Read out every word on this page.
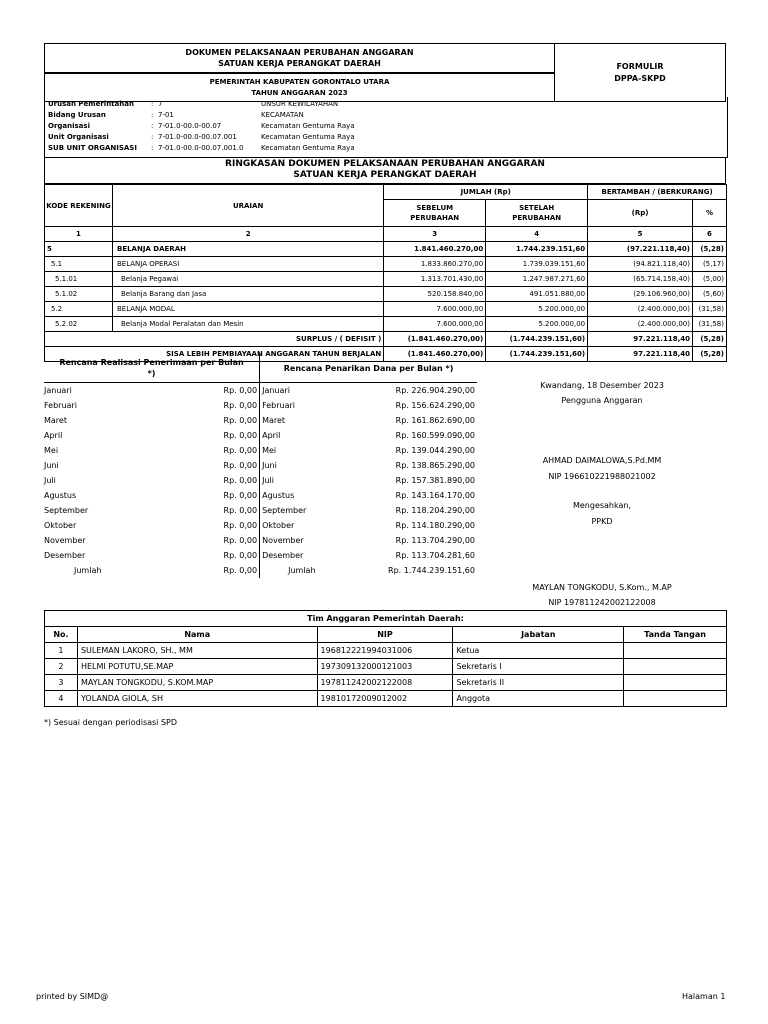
DOKUMEN PELAKSANAAN PERUBAHAN ANGGARAN
SATUAN KERJA PERANGKAT DAERAH
PEMERINTAH KABUPATEN GORONTALO UTARA
TAHUN ANGGARAN 2023

FORMULIR
DPPA-SKPD
Urusan Pemerintahan : 7	UNSUR KEWILAYAHAN
Bidang Urusan	: 7-01	KECAMATAN
Organisasi	: 7-01.0-00.0-00.07	Kecamatan Gentuma Raya
Unit Organisasi	: 7-01.0-00.0-00.07.001	Kecamatan Gentuma Raya
SUB UNIT ORGANISASI : 7-01.0-00.0-00.07.001.0 Kecamatan Gentuma Raya
RINGKASAN DOKUMEN PELAKSANAAN PERUBAHAN ANGGARAN
SATUAN KERJA PERANGKAT DAERAH
KODE REKENING	URAIAN	JUMLAH (Rp)		BERTAMBAH / (BERKURANG)	
		SEBELUM PERUBAHAN	SETELAH PERUBAHAN	(Rp)	%
1	2	3	4	5	6
5	BELANJA DAERAH	1.841.460.270,00	1.744.239.151,60	(97.221.118,40)	(5,28)
5.1	BELANJA OPERASI	1.833.860.270,00	1.739.039.151,60	(94.821.118,40)	(5,17)
5.1.01	Belanja Pegawai	1.313.701.430,00	1.247.987.271,60	(65.714.158,40)	(5,00)
5.1.02	Belanja Barang dan Jasa	520.158.840,00	491.051.880,00	(29.106.960,00)	(5,60)
5.2	BELANJA MODAL	7.600.000,00	5.200.000,00	(2.400.000,00)	(31,58)
5.2.02	Belanja Modal Peralatan dan Mesin	7.600.000,00	5.200.000,00	(2.400.000,00)	(31,58)
SURPLUS / ( DEFISIT )		(1.841.460.270,00)	(1.744.239.151,60)	97.221.118,40	(5,28)
SISA LEBIH PEMBIAYAAN ANGGARAN TAHUN BERJALAN		(1.841.460.270,00)	(1.744.239.151,60)	97.221.118,40	(5,28)
Rencana Realisasi Penerimaan per Bulan *)		Rencana Penarikan Dana per Bulan *)	
Januari	Rp. 0,00	Januari	Rp. 226.904.290,00
Februari	Rp. 0,00	Februari	Rp. 156.624.290,00
Maret	Rp. 0,00	Maret	Rp. 161.862.690,00
April	Rp. 0,00	April	Rp. 160.599.090,00
Mei	Rp. 0,00	Mei	Rp. 139.044.290,00
Juni	Rp. 0,00	Juni	Rp. 138.865.290,00
Juli	Rp. 0,00	Juli	Rp. 157.381.890,00
Agustus	Rp. 0,00	Agustus	Rp. 143.164.170,00
September	Rp. 0,00	September	Rp. 118.204.290,00
Oktober	Rp. 0,00	Oktober	Rp. 114.180.290,00
November	Rp. 0,00	November	Rp. 113.704.290,00
Desember	Rp. 0,00	Desember	Rp. 113.704.281,60
Jumlah	Rp. 0,00	Jumlah	Rp. 1.744.239.151,60
Kwandang, 18 Desember 2023
Pengguna Anggaran
AHMAD DAIMALOWA,S.Pd.MM
NIP 196610221988021002
Mengesahkan,
PPKD
MAYLAN TONGKODU, S.Kom., M.AP
NIP 197811242002122008
Tim Anggaran Pemerintah Daerah:				
No.	Nama	NIP	Jabatan	Tanda Tangan
1	SULEMAN LAKORO, SH., MM	196812221994031006	Ketua	
2	HELMI POTUTU,SE.MAP	197309132000121003	Sekretaris I	
3	MAYLAN TONGKODU, S.KOM.MAP	197811242002122008	Sekretaris II	
4	YOLANDA GIOLA, SH	19810172009012002	Anggota	
*) Sesuai dengan periodisasi SPD
printed by SIMD@	Halaman 1
